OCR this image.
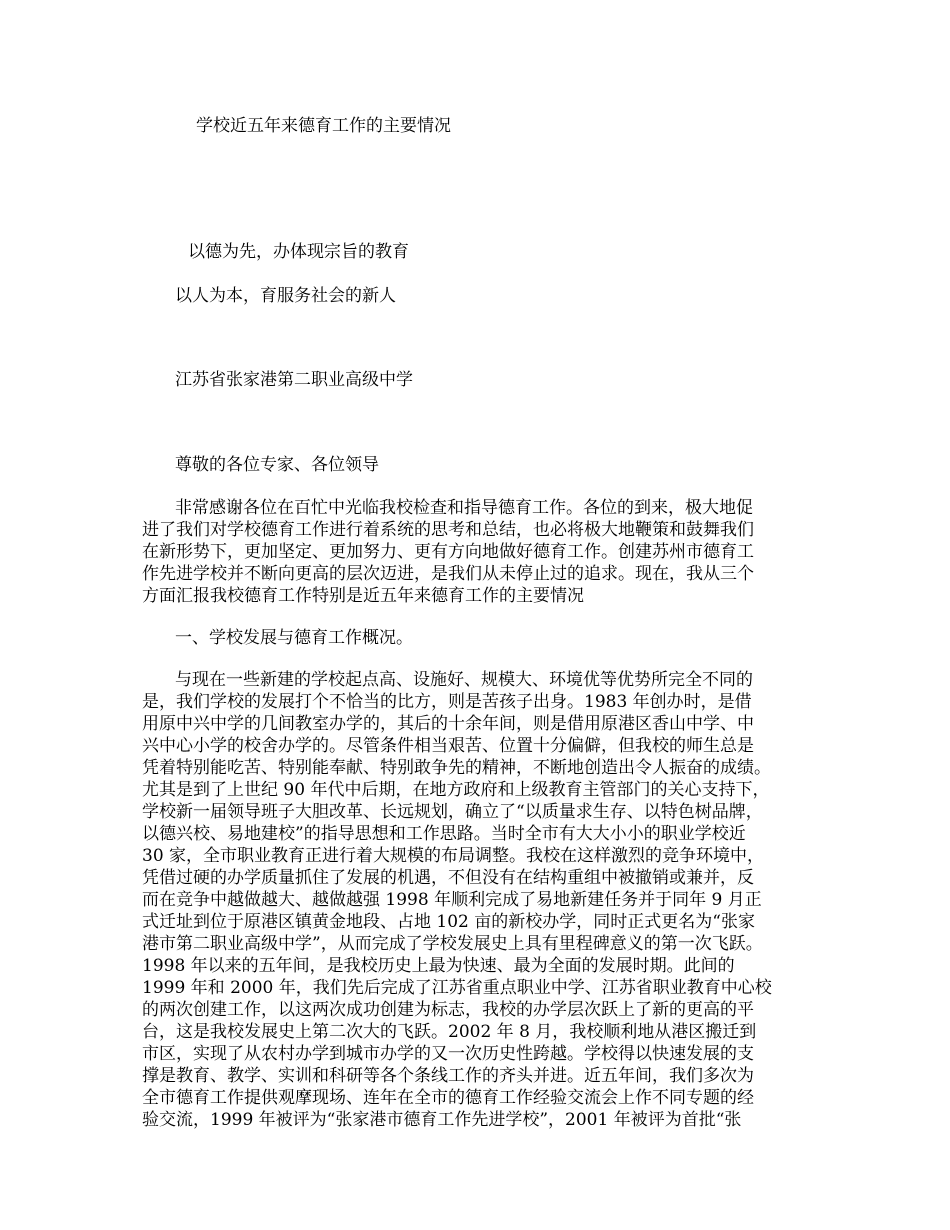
学校近五年来德育工作的主要情况
以德为先，办体现宗旨的教育
以人为本，育服务社会的新人
江苏省张家港第二职业高级中学
尊敬的各位专家、各位领导
非常感谢各位在百忙中光临我校检查和指导德育工作。各位的到来，极大地促
进了我们对学校德育工作进行着系统的思考和总结，也必将极大地鞭策和鼓舞我们
在新形势下，更加坚定、更加努力、更有方向地做好德育工作。创建苏州市德育工
作先进学校并不断向更高的层次迈进，是我们从未停止过的追求。现在，我从三个
方面汇报我校德育工作特别是近五年来德育工作的主要情况
一、学校发展与德育工作概况。
与现在一些新建的学校起点高、设施好、规模大、环境优等优势所完全不同的
是，我们学校的发展打个不恰当的比方，则是苦孩子出身。1983 年创办时，是借
用原中兴中学的几间教室办学的，其后的十余年间，则是借用原港区香山中学、中
兴中心小学的校舍办学的。尽管条件相当艰苦、位置十分偏僻，但我校的师生总是
凭着特别能吃苦、特别能奉献、特别敢争先的精神，不断地创造出令人振奋的成绩。
尤其是到了上世纪 90 年代中后期，在地方政府和上级教育主管部门的关心支持下，
学校新一届领导班子大胆改革、长远规划，确立了“以质量求生存、以特色树品牌，
以德兴校、易地建校”的指导思想和工作思路。当时全市有大大小小的职业学校近
30 家，全市职业教育正进行着大规模的布局调整。我校在这样激烈的竞争环境中，
凭借过硬的办学质量抓住了发展的机遇，不但没有在结构重组中被撤销或兼并，反
而在竞争中越做越大、越做越强 1998 年顺利完成了易地新建任务并于同年 9 月正
式迁址到位于原港区镇黄金地段、占地 102 亩的新校办学，同时正式更名为“张家
港市第二职业高级中学”，从而完成了学校发展史上具有里程碑意义的第一次飞跃。
1998 年以来的五年间，是我校历史上最为快速、最为全面的发展时期。此间的
1999 年和 2000 年，我们先后完成了江苏省重点职业中学、江苏省职业教育中心校
的两次创建工作，以这两次成功创建为标志，我校的办学层次跃上了新的更高的平
台，这是我校发展史上第二次大的飞跃。2002 年 8 月，我校顺利地从港区搬迁到
市区，实现了从农村办学到城市办学的又一次历史性跨越。学校得以快速发展的支
撑是教育、教学、实训和科研等各个条线工作的齐头并进。近五年间，我们多次为
全市德育工作提供观摩现场、连年在全市的德育工作经验交流会上作不同专题的经
验交流，1999 年被评为“张家港市德育工作先进学校”，2001 年被评为首批“张
